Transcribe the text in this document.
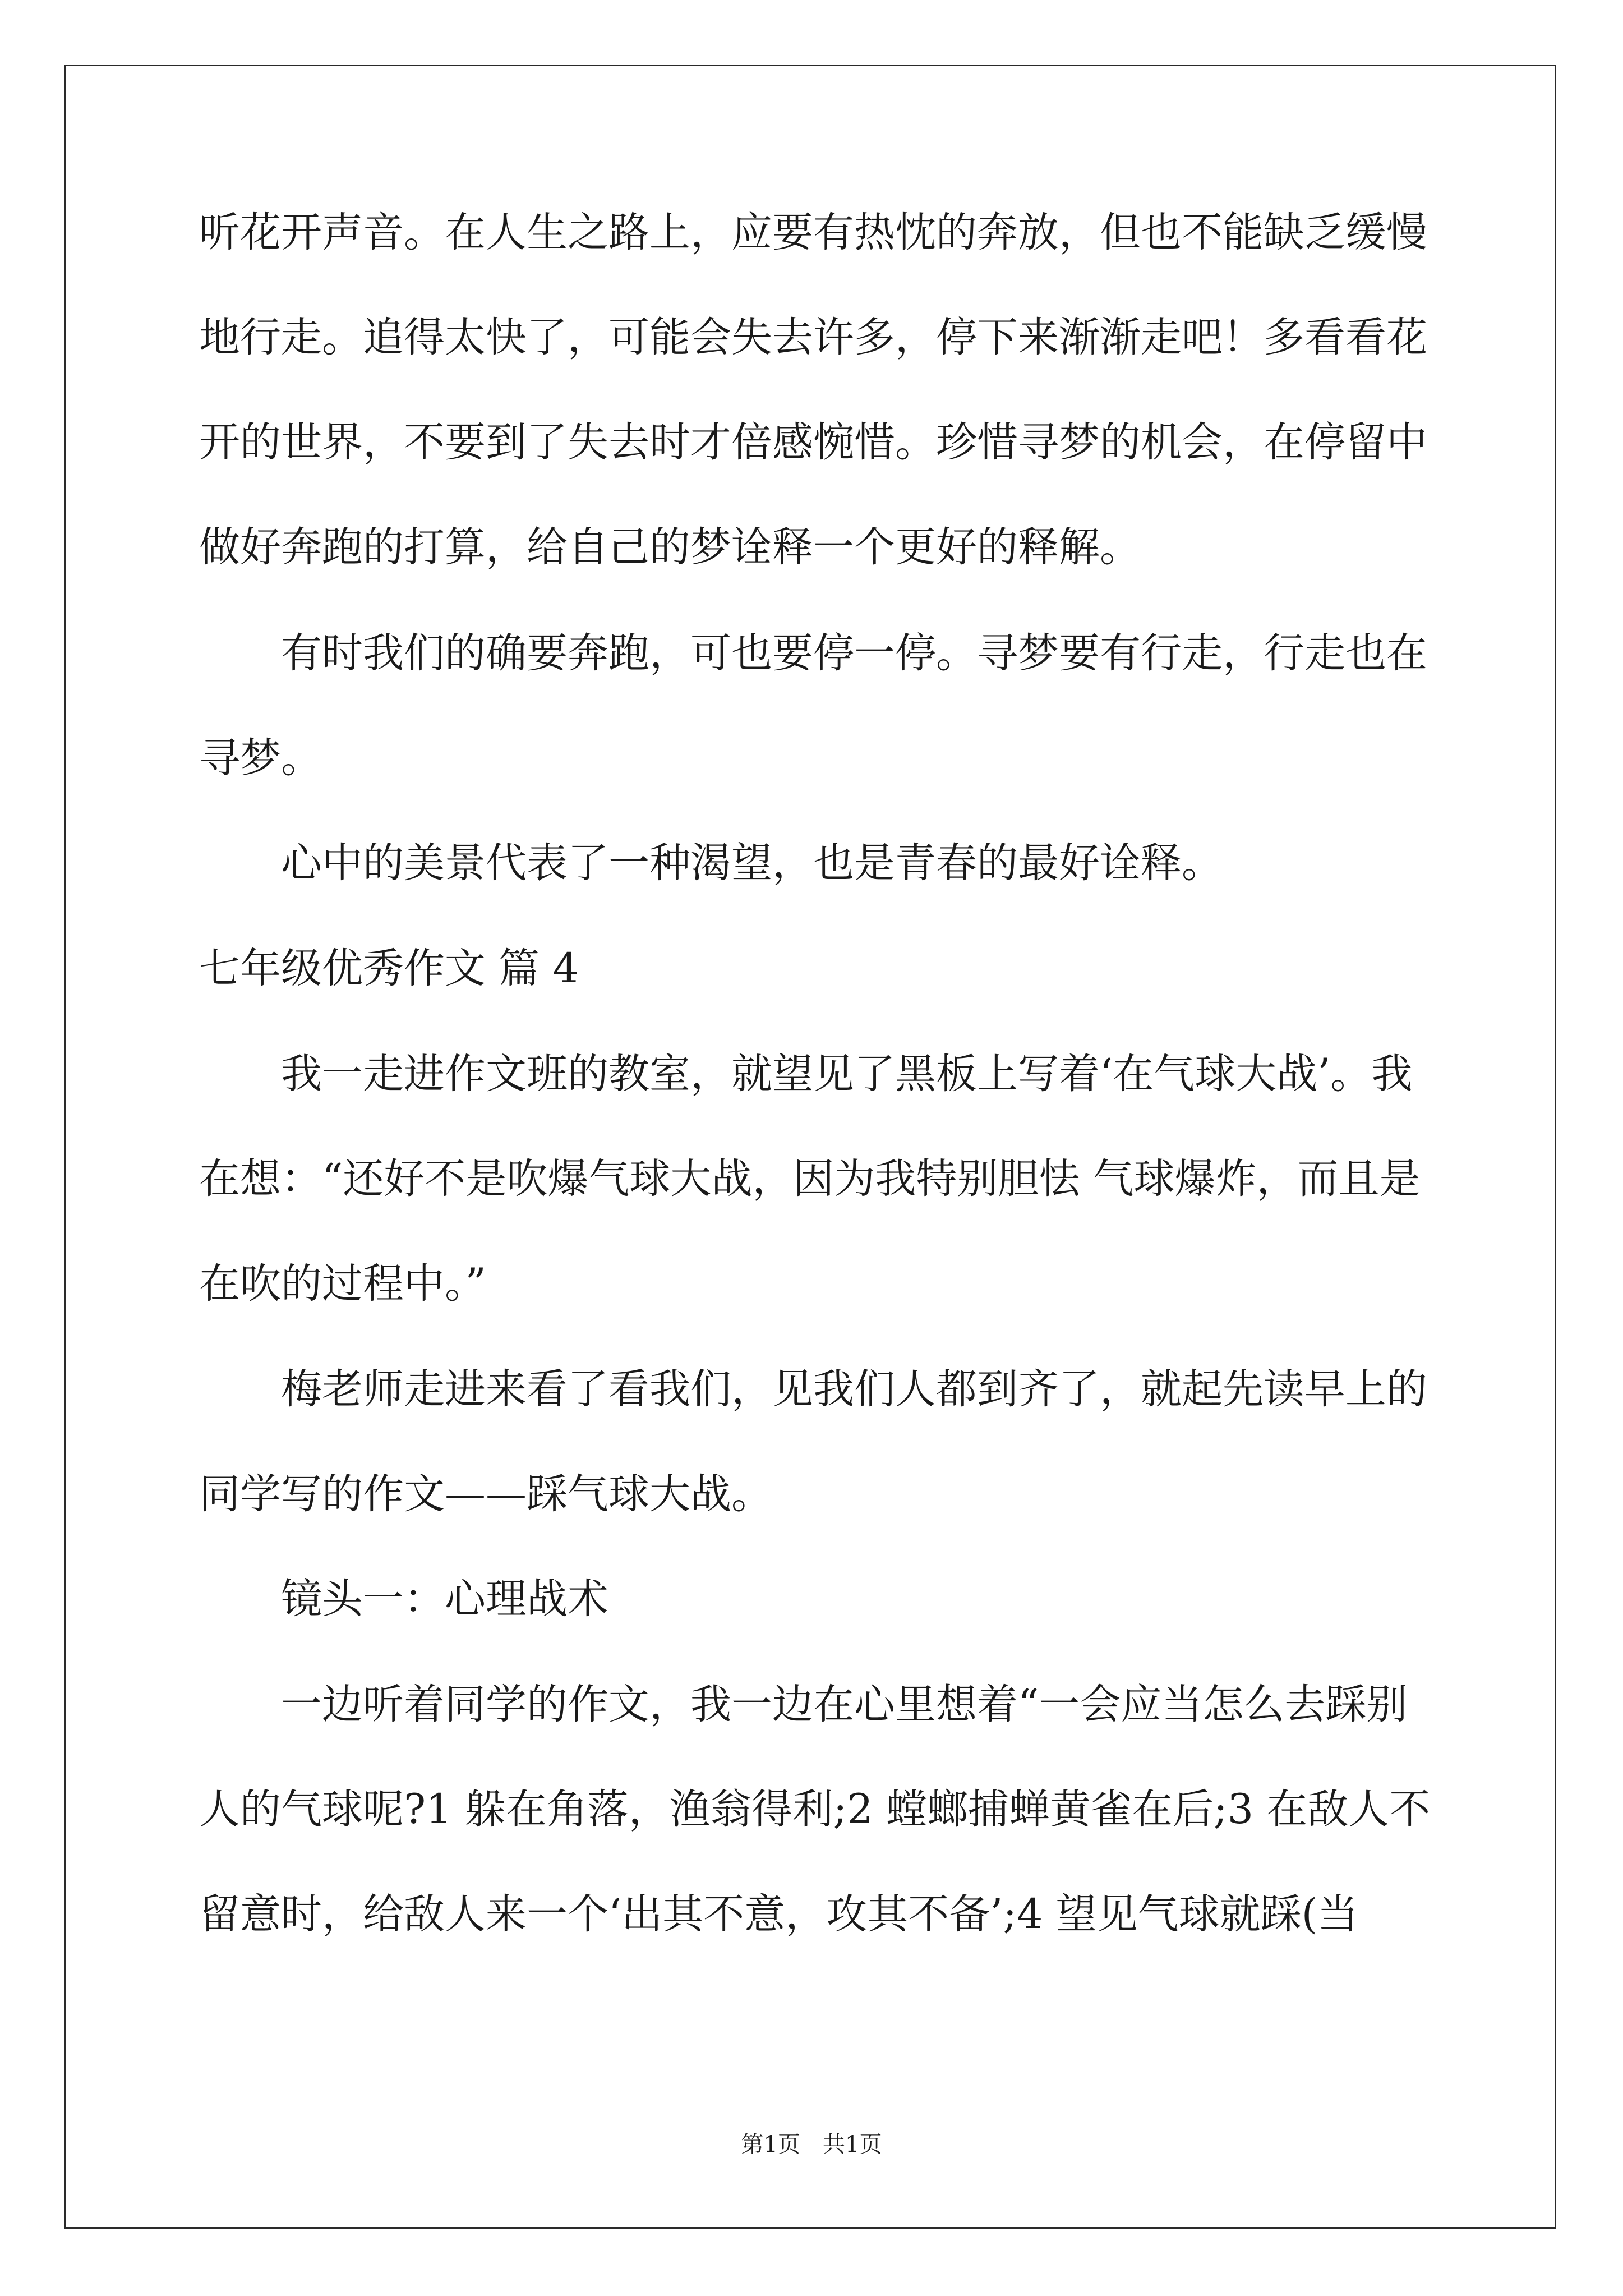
听花开声音。在人生之路上，应要有热忱的奔放，但也不能缺乏缓慢
地行走。追得太快了，可能会失去许多，停下来渐渐走吧！多看看花
开的世界，不要到了失去时才倍感惋惜。珍惜寻梦的机会，在停留中
做好奔跑的打算，给自己的梦诠释一个更好的释解。
有时我们的确要奔跑，可也要停一停。寻梦要有行走，行走也在
寻梦。
心中的美景代表了一种渴望，也是青春的最好诠释。
七年级优秀作文 篇 4
我一走进作文班的教室，就望见了黑板上写着‘在气球大战’。我
在想：“还好不是吹爆气球大战，因为我特别胆怯 气球爆炸，而且是
在吹的过程中。”
梅老师走进来看了看我们，见我们人都到齐了，就起先读早上的
同学写的作文——踩气球大战。
镜头一：心理战术
一边听着同学的作文，我一边在心里想着“一会应当怎么去踩别
人的气球呢?1 躲在角落，渔翁得利;2 螳螂捕蝉黄雀在后;3 在敌人不
留意时，给敌人来一个‘出其不意，攻其不备’;4 望见气球就踩(当
第1页 共1页
